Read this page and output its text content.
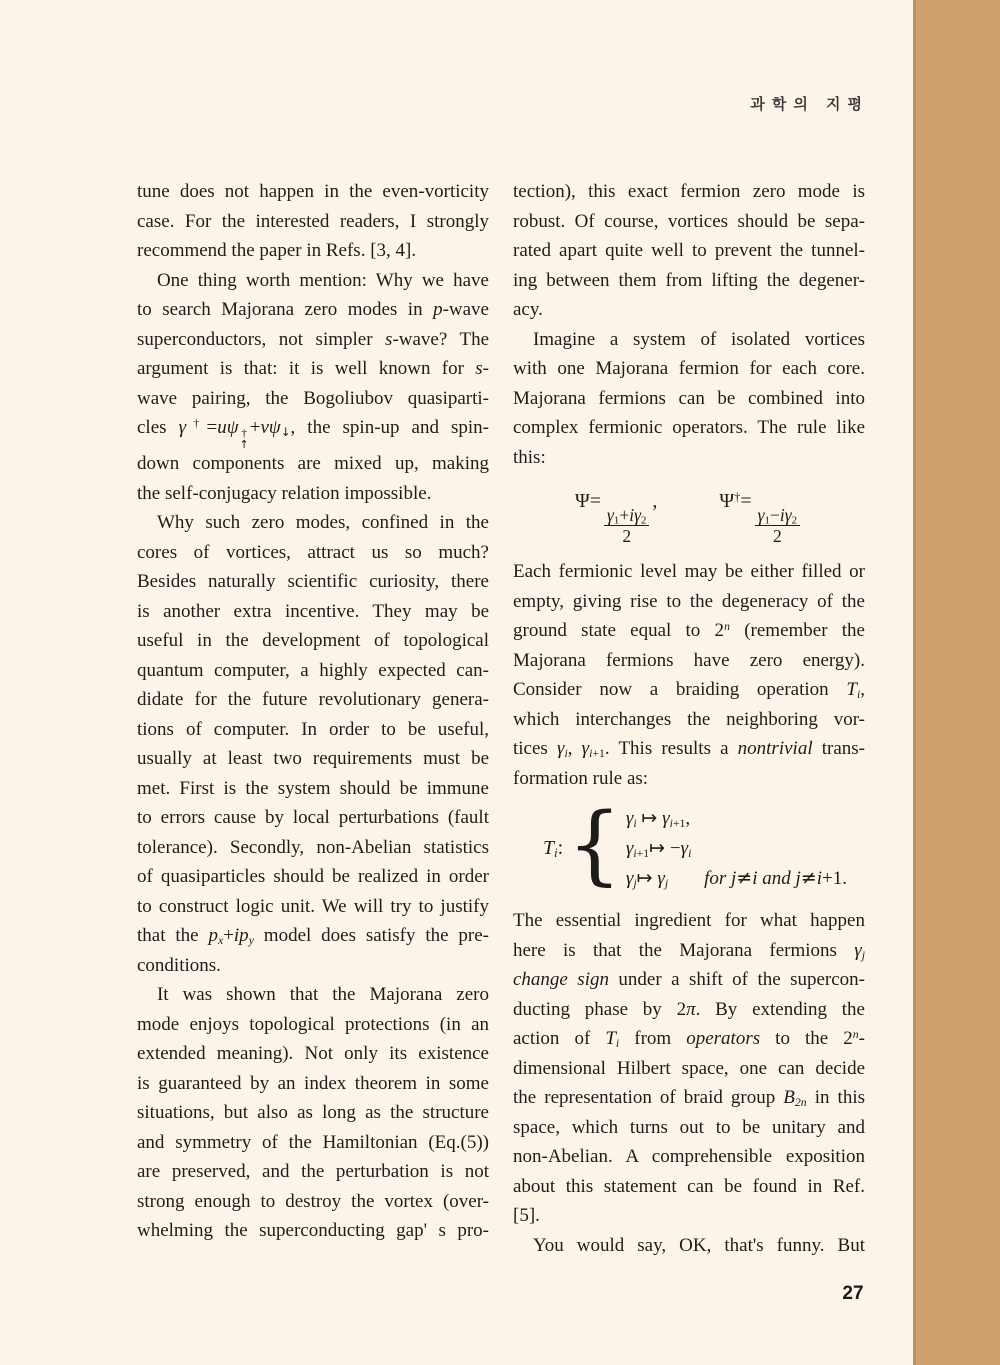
과학의 지평
tune does not happen in the even-vorticity
case. For the interested readers, I strongly
recommend the paper in Refs. [3, 4].
One thing worth mention: Why we have
to search Majorana zero modes in p-wave
superconductors, not simpler s-wave? The
argument is that: it is well known for s-
wave pairing, the Bogoliubov quasiparti-
cles γ†=uψ †
↑
$+v\psi_↓$, the spin-up and spin-
down components are mixed up, making
the self-conjugacy relation impossible.
Why such zero modes, confined in the
cores of vortices, attract us so much?
Besides naturally scientific curiosity, there
is another extra incentive. They may be
useful in the development of topological
quantum computer, a highly expected can-
didate for the future revolutionary genera-
tions of computer. In order to be useful,
usually at least two requirements must be
met. First is the system should be immune
to errors cause by local perturbations (fault
tolerance). Secondly, non-Abelian statistics
of quasiparticles should be realized in order
to construct logic unit. We will try to justify
that the $p_x+ip_y$ model does satisfy the pre-
conditions.
It was shown that the Majorana zero
mode enjoys topological protections (in an
extended meaning). Not only its existence
is guaranteed by an index theorem in some
situations, but also as long as the structure
and symmetry of the Hamiltonian (Eq.(5))
are preserved, and the perturbation is not
strong enough to destroy the vortex (over-
whelming the superconducting gap' s pro-
tection), this exact fermion zero mode is
robust. Of course, vortices should be sepa-
rated apart quite well to prevent the tunnel-
ing between them from lifting the degener-
acy.
Imagine a system of isolated vortices
with one Majorana fermion for each core.
Majorana fermions can be combined into
complex fermionic operators. The rule like
this:
Ψ=
$\frac{\gamma_1+i\gamma_2}{2}$
,	Ψ†=
$\frac{\gamma_1-i\gamma_2}{2}$
Each fermionic level may be either filled or
empty, giving rise to the degeneracy of the
ground state equal to 2$^n$ (remember the
Majorana fermions have zero energy).
Consider now a braiding operation $T_i$,
which interchanges the neighboring vor-
tices $\gamma_i$, $\gamma_{i+1}$. This results a nontrivial trans-
formation rule as:
$T_i$: { $\gamma_i$ ↦ $\gamma_{i+1}$,
$\gamma_{i+1}↦ -\gamma_i$
$\gamma_j↦$ $\gamma_j$ for j≠i and j≠i+1.
The essential ingredient for what happen
here is that the Majorana fermions $\gamma_j$
change sign under a shift of the supercon-
ducting phase by 2π. By extending the
action of $T_i$ from operators to the 2$^n$-
dimensional Hilbert space, one can decide
the representation of braid group $B_{2n}$ in this
space, which turns out to be unitary and
non-Abelian. A comprehensible exposition
about this statement can be found in Ref.
[5].
You would say, OK, that's funny. But
27
